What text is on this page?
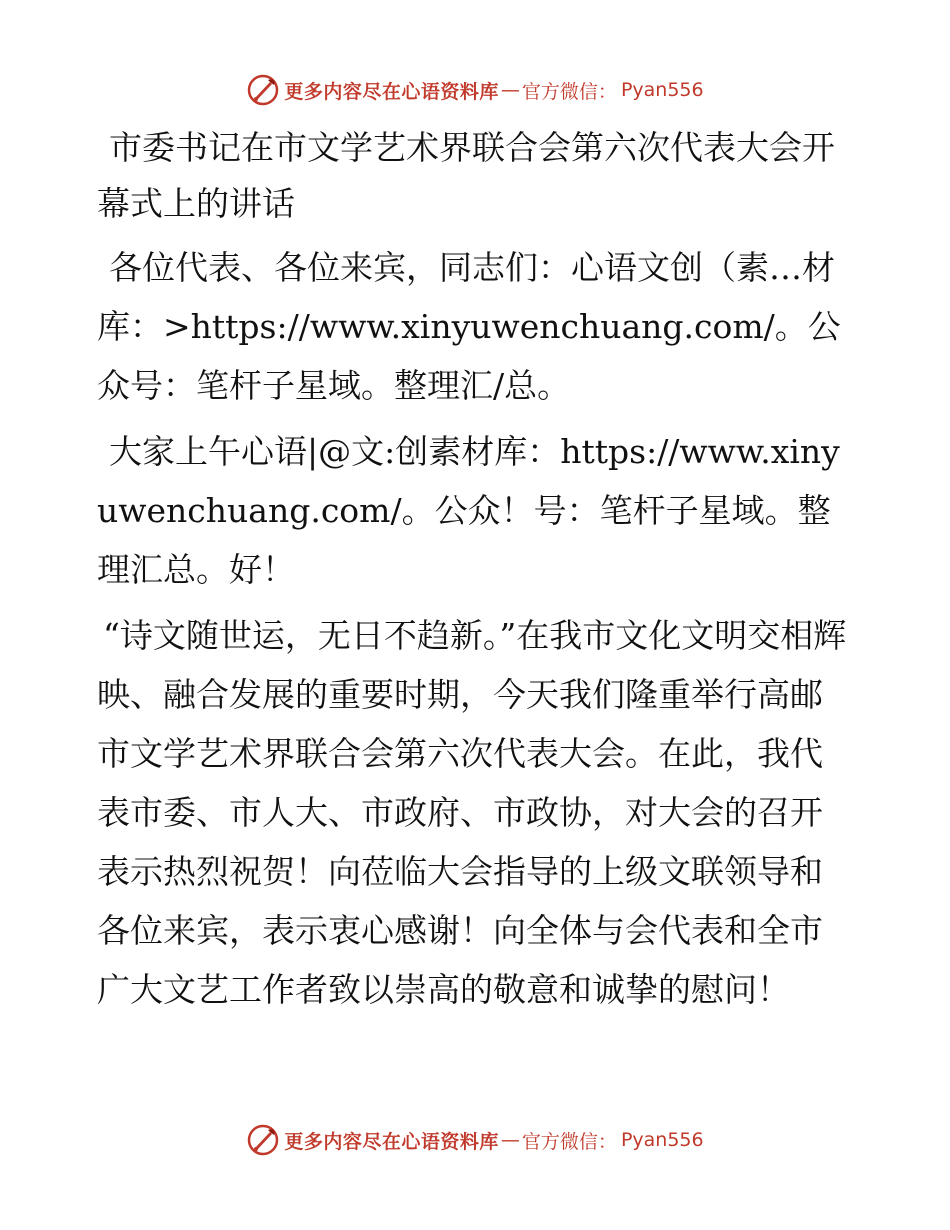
更多内容尽在心语资料库 — 官方微信： Pyan556
市委书记在市文学艺术界联合会第六次代表大会开幕式上的讲话

各位代表、各位来宾，同志们：心语文创（素…材库：>https://www.xinyuwenchuang.com/。公众号：笔杆子星域。整理汇/总。

大家上午心语|@文:创素材库：https://www.xinyuwenchuang.com/。公众！号：笔杆子星域。整理汇总。好！

“诗文随世运，无日不趋新。”在我市文化文明交相辉映、融合发展的重要时期，今天我们隆重举行高邮市文学艺术界联合会第六次代表大会。在此，我代表市委、市人大、市政府、市政协，对大会的召开表示热烈祝贺！向莅临大会指导的上级文联领导和各位来宾，表示衷心感谢！向全体与会代表和全市广大文艺工作者致以崇高的敬意和诚挚的慰问！

更多内容尽在心语资料库 — 官方微信： Pyan556
